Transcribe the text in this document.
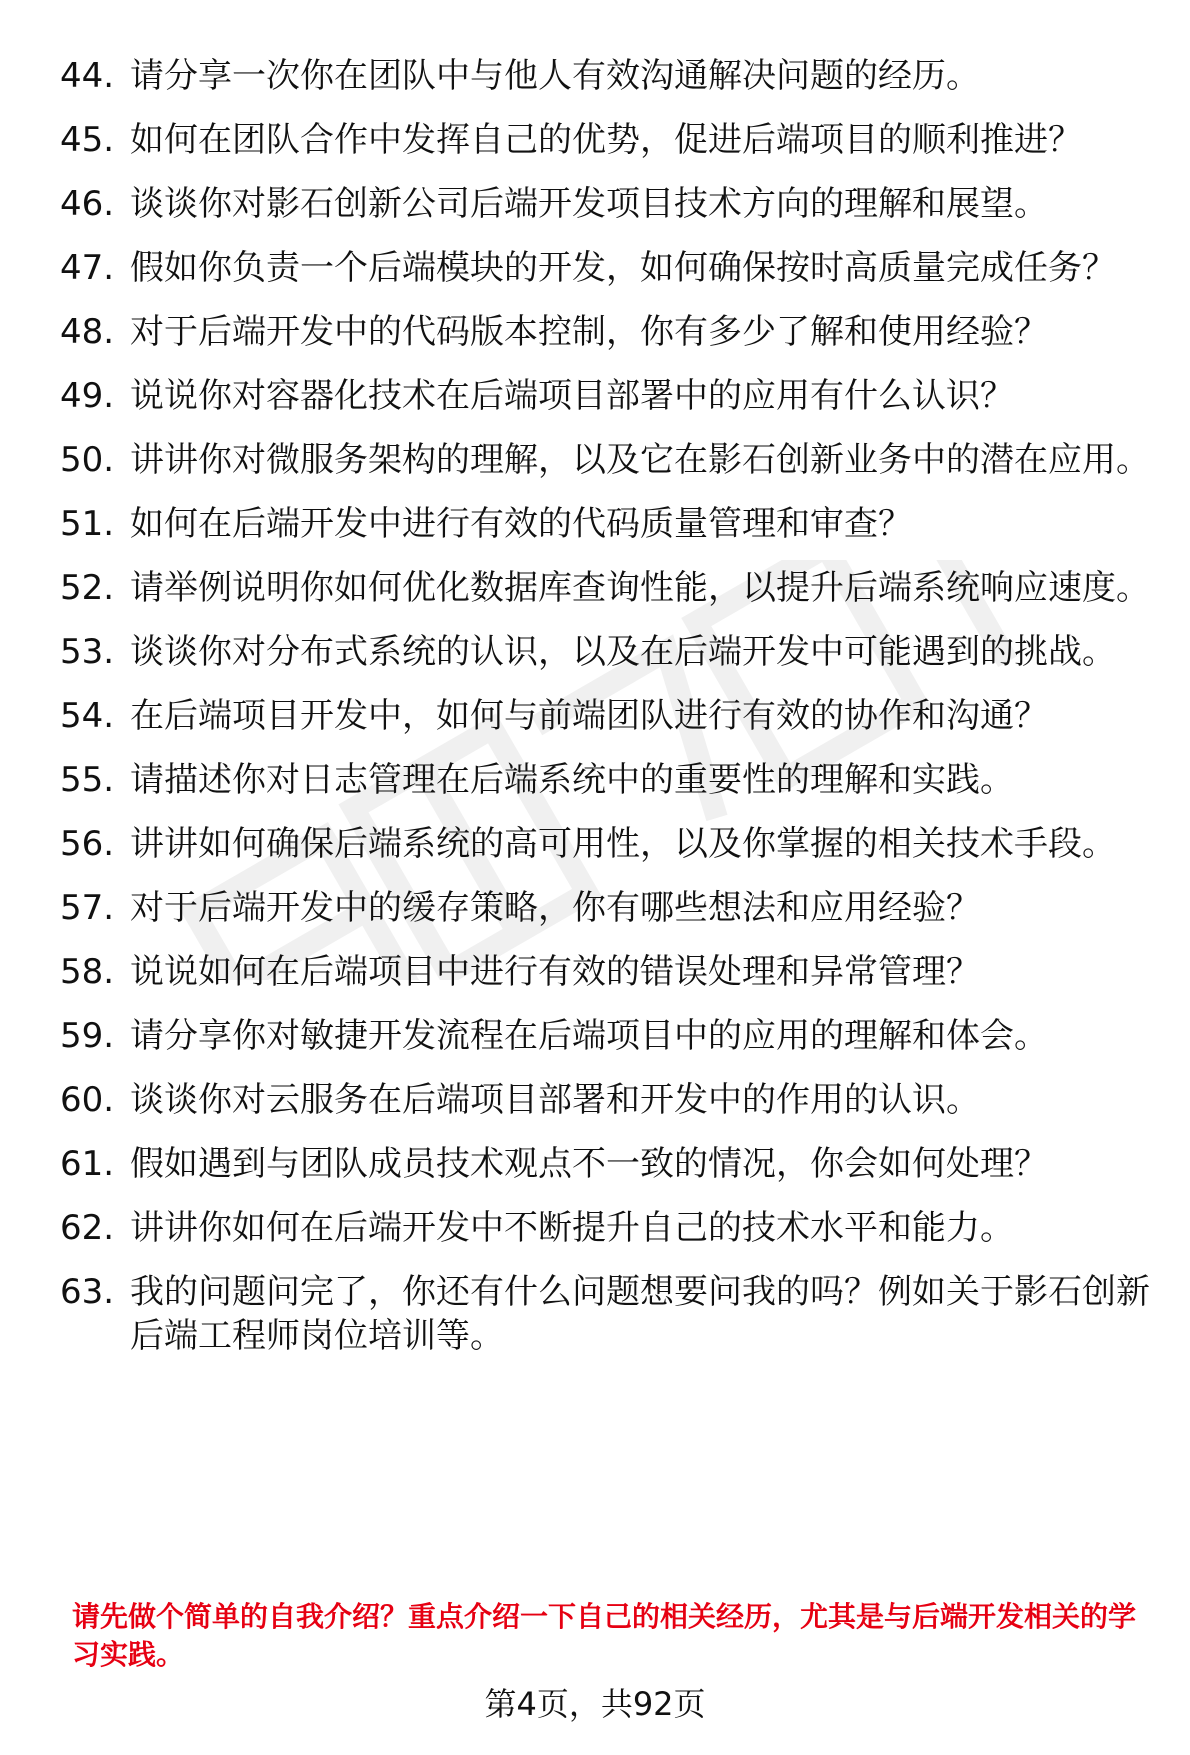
44. 请分享一次你在团队中与他人有效沟通解决问题的经历。
45. 如何在团队合作中发挥自己的优势，促进后端项目的顺利推进？
46. 谈谈你对影石创新公司后端开发项目技术方向的理解和展望。
47. 假如你负责一个后端模块的开发，如何确保按时高质量完成任务？
48. 对于后端开发中的代码版本控制，你有多少了解和使用经验？
49. 说说你对容器化技术在后端项目部署中的应用有什么认识？
50. 讲讲你对微服务架构的理解，以及它在影石创新业务中的潜在应用。
51. 如何在后端开发中进行有效的代码质量管理和审查？
52. 请举例说明你如何优化数据库查询性能，以提升后端系统响应速度。
53. 谈谈你对分布式系统的认识，以及在后端开发中可能遇到的挑战。
54. 在后端项目开发中，如何与前端团队进行有效的协作和沟通？
55. 请描述你对日志管理在后端系统中的重要性的理解和实践。
56. 讲讲如何确保后端系统的高可用性，以及你掌握的相关技术手段。
57. 对于后端开发中的缓存策略，你有哪些想法和应用经验？
58. 说说如何在后端项目中进行有效的错误处理和异常管理？
59. 请分享你对敏捷开发流程在后端项目中的应用的理解和体会。
60. 谈谈你对云服务在后端项目部署和开发中的作用的认识。
61. 假如遇到与团队成员技术观点不一致的情况，你会如何处理？
62. 讲讲你如何在后端开发中不断提升自己的技术水平和能力。
63. 我的问题问完了，你还有什么问题想要问我的吗？例如关于影石创新后端工程师岗位培训等。
请先做个简单的自我介绍？重点介绍一下自己的相关经历，尤其是与后端开发相关的学习实践。
第4页，共92页
